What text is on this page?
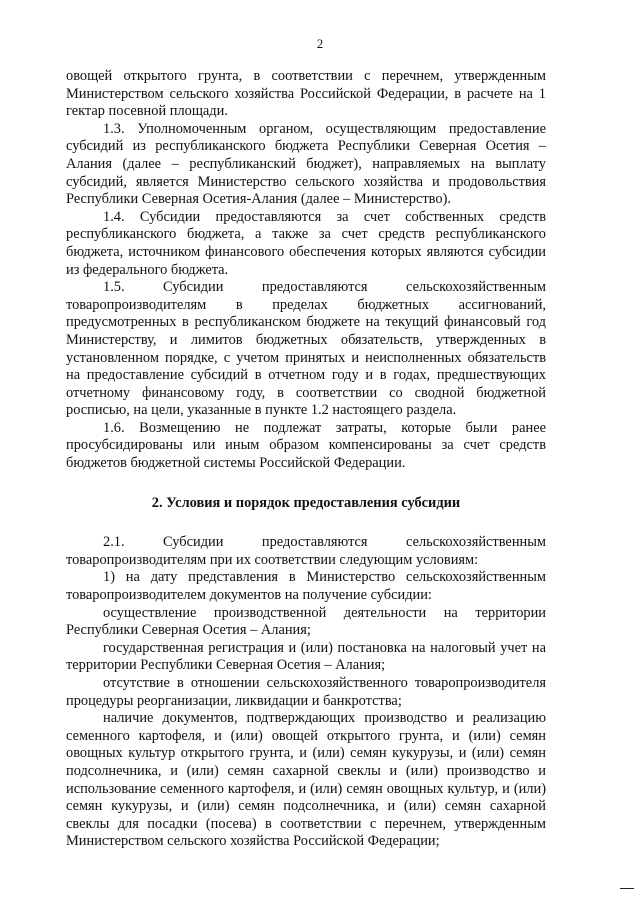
2

овощей открытого грунта, в соответствии с перечнем, утвержденным Министерством сельского хозяйства Российской Федерации, в расчете на 1 гектар посевной площади.

1.3. Уполномоченным органом, осуществляющим предоставление субсидий из республиканского бюджета Республики Северная Осетия – Алания (далее – республиканский бюджет), направляемых на выплату субсидий, является Министерство сельского хозяйства и продовольствия Республики Северная Осетия-Алания (далее – Министерство).

1.4. Субсидии предоставляются за счет собственных средств республиканского бюджета, а также за счет средств республиканского бюджета, источником финансового обеспечения которых являются субсидии из федерального бюджета.

1.5. Субсидии предоставляются сельскохозяйственным товаропроизводителям в пределах бюджетных ассигнований, предусмотренных в республиканском бюджете на текущий финансовый год Министерству, и лимитов бюджетных обязательств, утвержденных в установленном порядке, с учетом принятых и неисполненных обязательств на предоставление субсидий в отчетном году и в годах, предшествующих отчетному финансовому году, в соответствии со сводной бюджетной росписью, на цели, указанные в пункте 1.2 настоящего раздела.

1.6. Возмещению не подлежат затраты, которые были ранее просубсидированы или иным образом компенсированы за счет средств бюджетов бюджетной системы Российской Федерации.

2. Условия и порядок предоставления субсидии

2.1. Субсидии предоставляются сельскохозяйственным товаропроизводителям при их соответствии следующим условиям:

1) на дату представления в Министерство сельскохозяйственным товаропроизводителем документов на получение субсидии:

осуществление производственной деятельности на территории Республики Северная Осетия – Алания;

государственная регистрация и (или) постановка на налоговый учет на территории Республики Северная Осетия – Алания;

отсутствие в отношении сельскохозяйственного товаропроизводителя процедуры реорганизации, ликвидации и банкротства;

наличие документов, подтверждающих производство и реализацию семенного картофеля, и (или) овощей открытого грунта, и (или) семян овощных культур открытого грунта, и (или) семян кукурузы, и (или) семян подсолнечника, и (или) семян сахарной свеклы и (или) производство и использование семенного картофеля, и (или) семян овощных культур, и (или) семян кукурузы, и (или) семян подсолнечника, и (или) семян сахарной свеклы для посадки (посева) в соответствии с перечнем, утвержденным Министерством сельского хозяйства Российской Федерации;
